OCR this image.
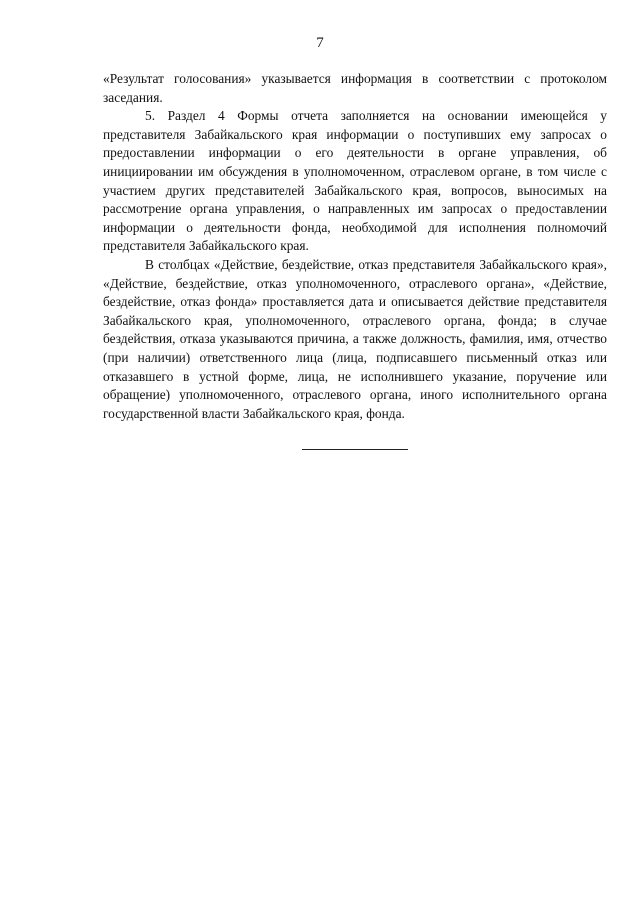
7

«Результат голосования» указывается информация в соответствии с протоколом заседания.

5. Раздел 4 Формы отчета заполняется на основании имеющейся у представителя Забайкальского края информации о поступивших ему запросах о предоставлении информации о его деятельности в органе управления, об инициировании им обсуждения в уполномоченном, отраслевом органе, в том числе с участием других представителей Забайкальского края, вопросов, выносимых на рассмотрение органа управления, о направленных им запросах о предоставлении информации о деятельности фонда, необходимой для исполнения полномочий представителя Забайкальского края.

В столбцах «Действие, бездействие, отказ представителя Забайкальского края», «Действие, бездействие, отказ уполномоченного, отраслевого органа», «Действие, бездействие, отказ фонда» проставляется дата и описывается действие представителя Забайкальского края, уполномоченного, отраслевого органа, фонда; в случае бездействия, отказа указываются причина, а также должность, фамилия, имя, отчество (при наличии) ответственного лица (лица, подписавшего письменный отказ или отказавшего в устной форме, лица, не исполнившего указание, поручение или обращение) уполномоченного, отраслевого органа, иного исполнительного органа государственной власти Забайкальского края, фонда.
